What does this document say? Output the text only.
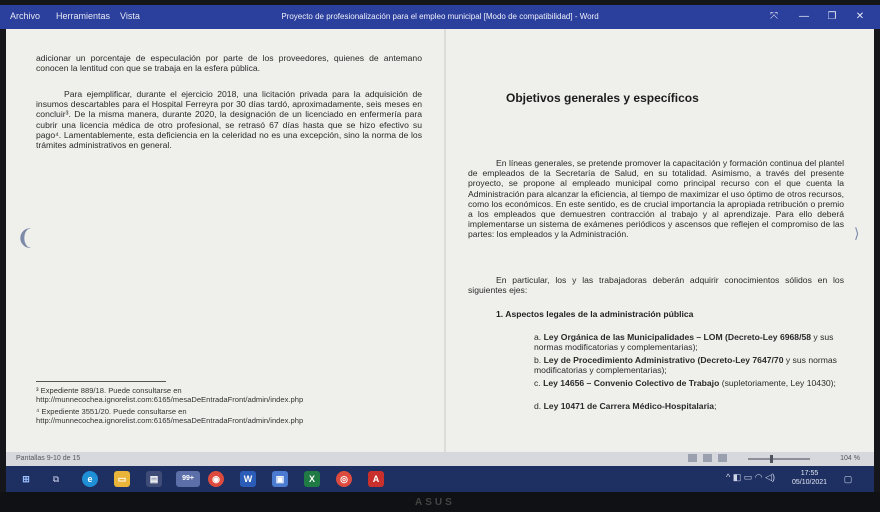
Archivo Herramientas Vista	Proyecto de profesionalización para el empleo municipal [Modo de compatibilidad] - Word	⤧	—	❐	✕
adicionar un porcentaje de especulación por parte de los proveedores, quienes de antemano conocen la lentitud con que se trabaja en la esfera pública.
Para ejemplificar, durante el ejercicio 2018, una licitación privada para la adquisición de insumos descartables para el Hospital Ferreyra por 30 días tardó, aproximadamente, seis meses en concluir³. De la misma manera, durante 2020, la designación de un licenciado en enfermería para cubrir una licencia médica de otro profesional, se retrasó 67 días hasta que se hizo efectivo su pago⁴. Lamentablemente, esta deficiencia en la celeridad no es una excepción, sino la norma de los trámites administrativos en general.
³ Expediente 889/18. Puede consultarse en http://munnecochea.ignorelist.com:6165/mesaDeEntradaFront/admin/index.php
⁴ Expediente 3551/20. Puede consultarse en http://munnecochea.ignorelist.com:6165/mesaDeEntradaFront/admin/index.php
❨
Objetivos generales y específicos
En líneas generales, se pretende promover la capacitación y formación continua del plantel de empleados de la Secretaría de Salud, en su totalidad. Asimismo, a través del presente proyecto, se propone al empleado municipal como principal recurso con el que cuenta la Administración para alcanzar la eficiencia, al tiempo de maximizar el uso óptimo de otros recursos, como los económicos. En este sentido, es de crucial importancia la apropiada retribución o premio a los empleados que demuestren contracción al trabajo y al aprendizaje. Para ello deberá implementarse un sistema de exámenes periódicos y ascensos que reflejen el compromiso de las partes: los empleados y la Administración.
En particular, los y las trabajadoras deberán adquirir conocimientos sólidos en los siguientes ejes:
1. Aspectos legales de la administración pública
a. Ley Orgánica de las Municipalidades – LOM (Decreto-Ley 6968/58 y sus normas modificatorias y complementarias);
b. Ley de Procedimiento Administrativo (Decreto-Ley 7647/70 y sus normas modificatorias y complementarias);
c. Ley 14656 – Convenio Colectivo de Trabajo (supletoriamente, Ley 10430);
d. Ley 10471 de Carrera Médico-Hospitalaria;
⟩
Pantallas 9-10 de 15	104 %
⊞	⧉	e	▭	▤	99+	◉	W	▣	X	◎	A	^ ◧ ▭ ◠ ◁)	17:55
05/10/2021	▢
ASUS
